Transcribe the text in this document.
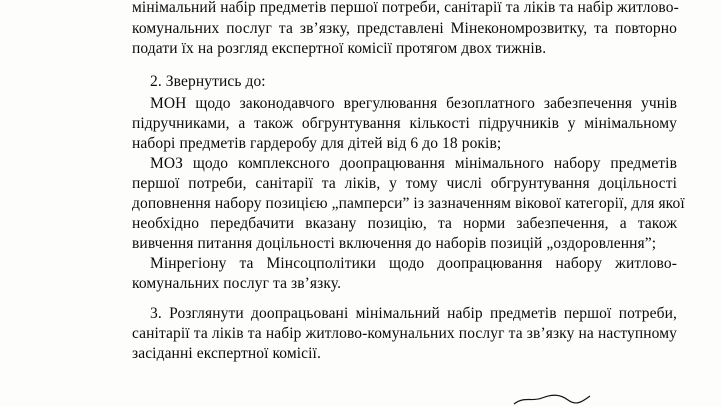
мінімальний набір предметів першої потреби, санітарії та ліків та набір житлово-
комунальних послуг та зв’язку, представлені Мінекономрозвитку, та повторно
подати їх на розгляд експертної комісії протягом двох тижнів.
2. Звернутись до:
МОН щодо законодавчого врегулювання безоплатного забезпечення учнів
підручниками, а також обгрунтування кількості підручників у мінімальному
наборі предметів гардеробу для дітей від 6 до 18 років;
МОЗ щодо комплексного доопрацювання мінімального набору предметів
першої потреби, санітарії та ліків, у тому числі обгрунтування доцільності
доповнення набору позицією „памперси” із зазначенням вікової категорії, для якої
необхідно передбачити вказану позицію, та норми забезпечення, а також
вивчення питання доцільності включення до наборів позицій „оздоровлення”;
Мінрегіону та Мінсоцполітики щодо доопрацювання набору житлово-
комунальних послуг та зв’язку.
3. Розглянути доопрацьовані мінімальний набір предметів першої потреби,
санітарії та ліків та набір житлово-комунальних послуг та зв’язку на наступному
засіданні експертної комісії.
